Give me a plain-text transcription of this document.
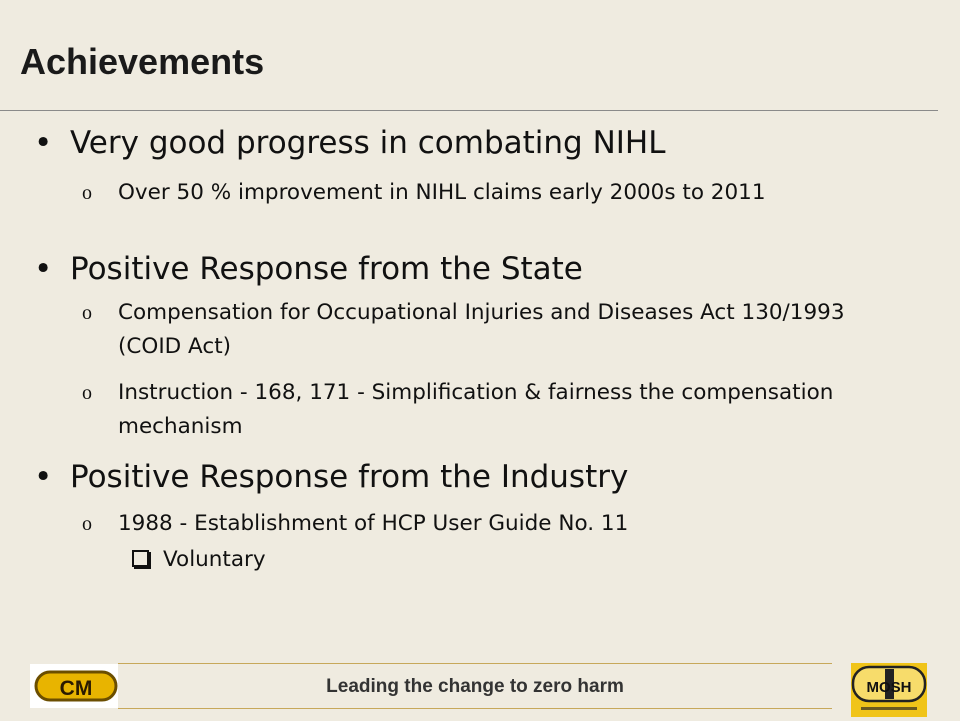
Achievements
• Very good progress in combating NIHL
o	Over 50 % improvement in NIHL claims early 2000s to 2011
• Positive Response from the State
o	Compensation for Occupational Injuries and Diseases Act 130/1993 (COID Act)
o	Instruction - 168, 171 - Simplification & fairness the compensation mechanism
• Positive Response from the Industry
o	1988 - Establishment of HCP User Guide No. 11
Voluntary
CM	Leading the change to zero harm	MOSH
